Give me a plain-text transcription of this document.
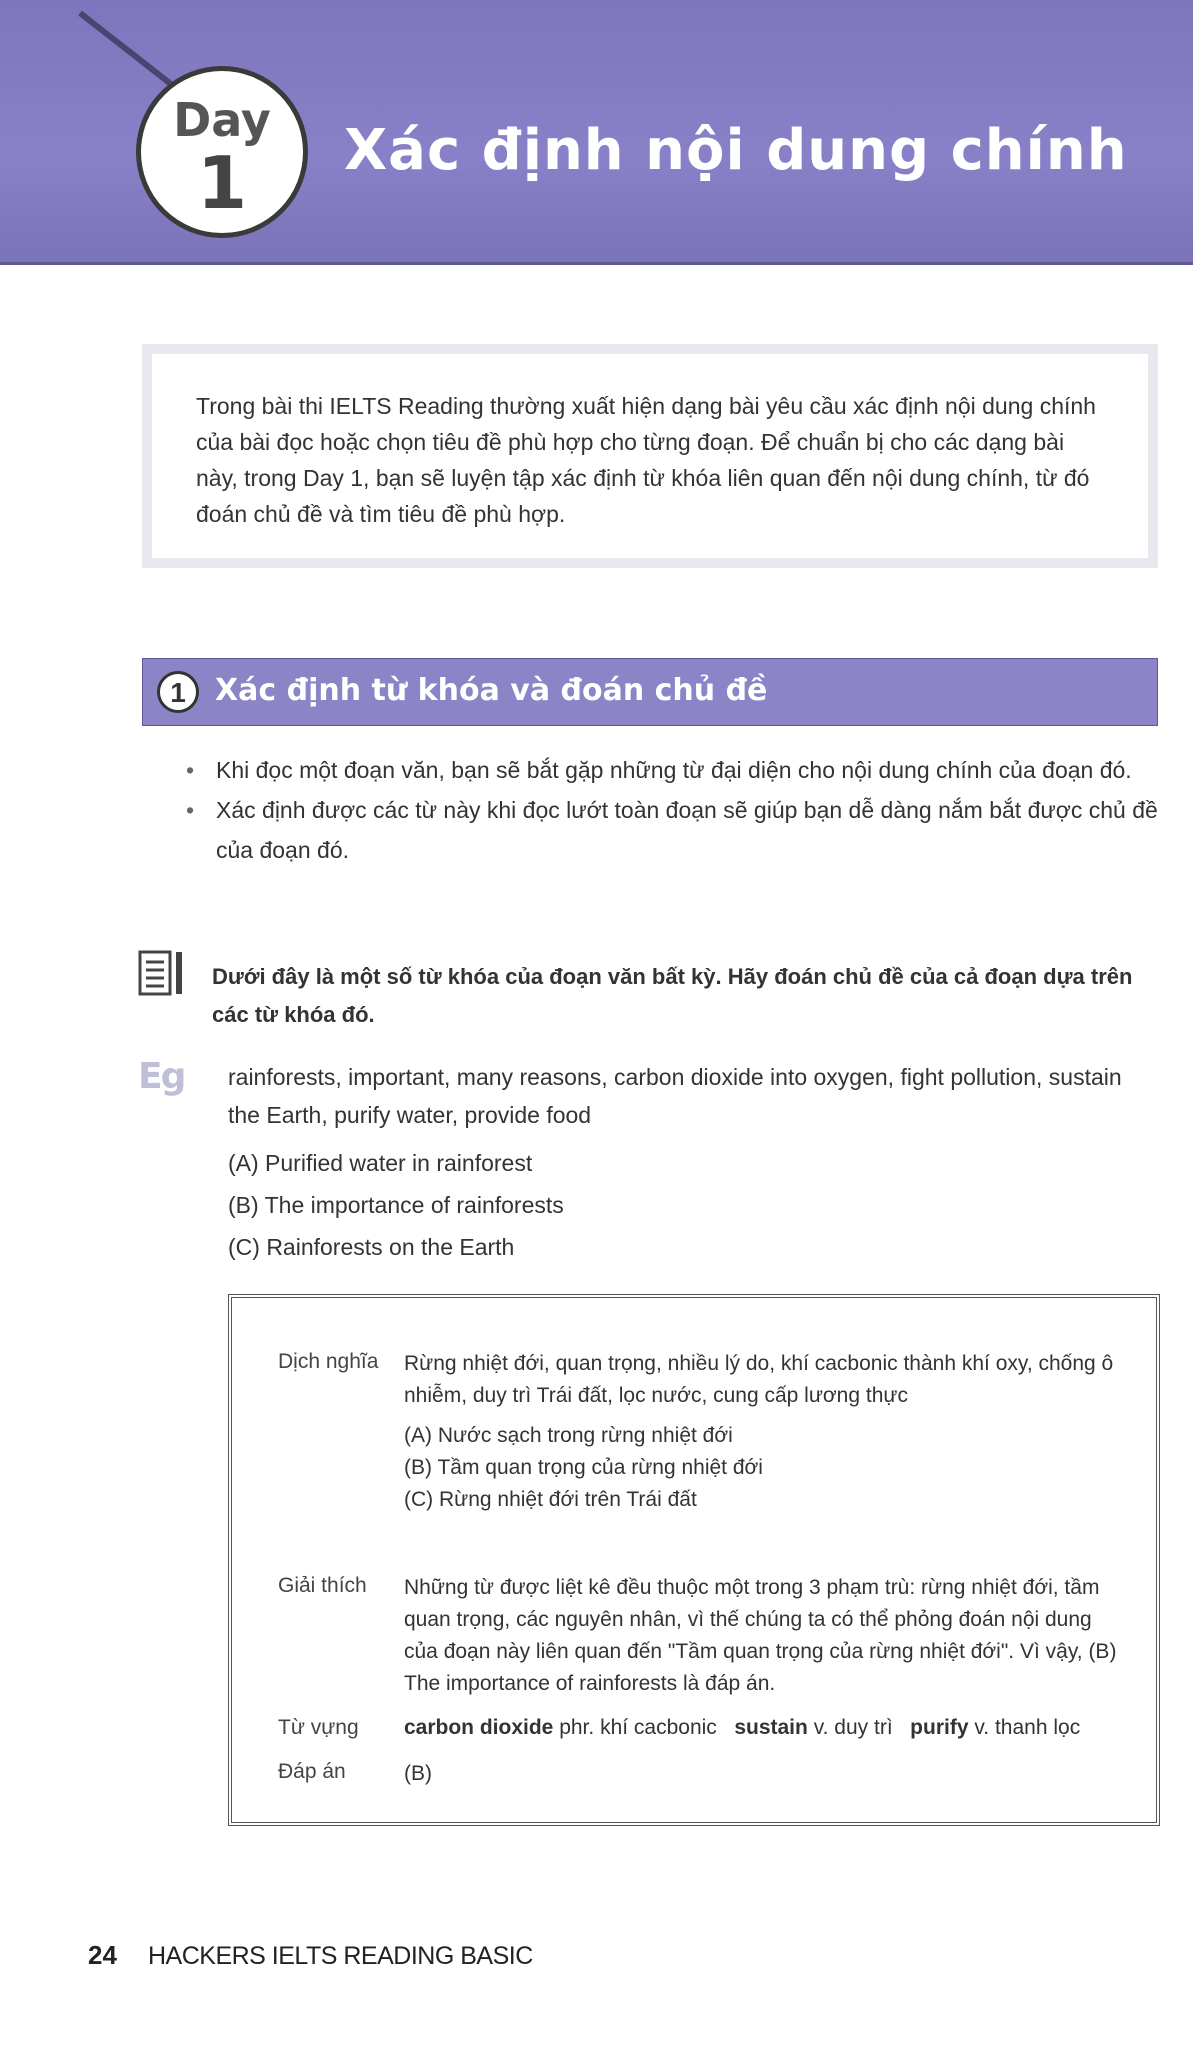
Day
1	Xác định nội dung chính
Trong bài thi IELTS Reading thường xuất hiện dạng bài yêu cầu xác định nội dung chính của bài đọc hoặc chọn tiêu đề phù hợp cho từng đoạn. Để chuẩn bị cho các dạng bài này, trong Day 1, bạn sẽ luyện tập xác định từ khóa liên quan đến nội dung chính, từ đó đoán chủ đề và tìm tiêu đề phù hợp.
1 Xác định từ khóa và đoán chủ đề
• Khi đọc một đoạn văn, bạn sẽ bắt gặp những từ đại diện cho nội dung chính của đoạn đó.
• Xác định được các từ này khi đọc lướt toàn đoạn sẽ giúp bạn dễ dàng nắm bắt được chủ đề của đoạn đó.
Dưới đây là một số từ khóa của đoạn văn bất kỳ. Hãy đoán chủ đề của cả đoạn dựa trên các từ khóa đó.
Eg rainforests, important, many reasons, carbon dioxide into oxygen, fight pollution, sustain the Earth, purify water, provide food
(A) Purified water in rainforest
(B) The importance of rainforests
(C) Rainforests on the Earth
Dịch nghĩa Rừng nhiệt đới, quan trọng, nhiều lý do, khí cacbonic thành khí oxy, chống ô nhiễm, duy trì Trái đất, lọc nước, cung cấp lương thực
(A) Nước sạch trong rừng nhiệt đới
(B) Tầm quan trọng của rừng nhiệt đới
(C) Rừng nhiệt đới trên Trái đất
Giải thích Những từ được liệt kê đều thuộc một trong 3 phạm trù: rừng nhiệt đới, tầm quan trọng, các nguyên nhân, vì thế chúng ta có thể phỏng đoán nội dung của đoạn này liên quan đến "Tầm quan trọng của rừng nhiệt đới". Vì vậy, (B) The importance of rainforests là đáp án.
Từ vựng carbon dioxide phr. khí cacbonic sustain v. duy trì purify v. thanh lọc
Đáp án	(B)
24 HACKERS IELTS READING BASIC
